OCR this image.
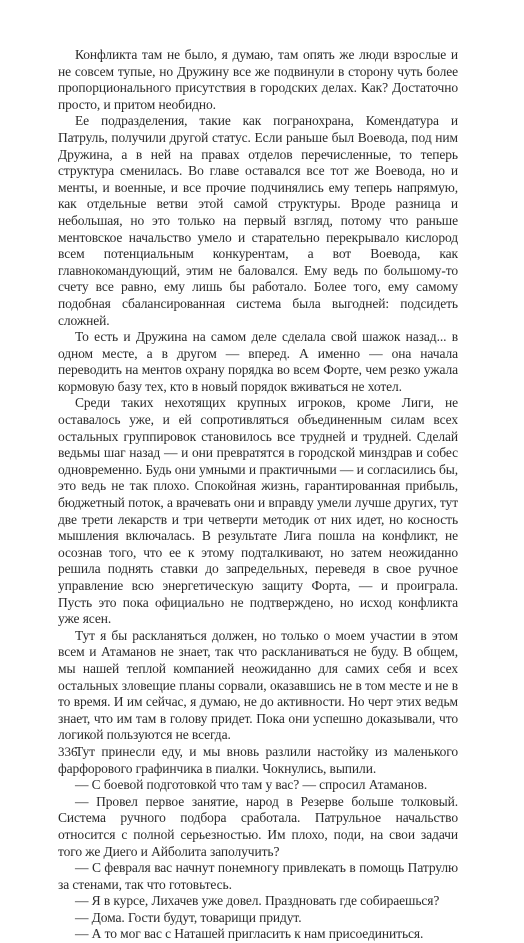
Конфликта там не было, я думаю, там опять же люди взрослые и не совсем тупые, но Дружину все же подвинули в сторону чуть более пропорционального присутствия в городских делах. Как? Достаточно просто, и притом необидно.

Ее подразделения, такие как погранохрана, Комендатура и Патруль, получили другой статус. Если раньше был Воевода, под ним Дружина, а в ней на правах отделов перечисленные, то теперь структура сменилась. Во главе оставался все тот же Воевода, но и менты, и военные, и все прочие подчинялись ему теперь напрямую, как отдельные ветви этой самой структуры. Вроде разница и небольшая, но это только на первый взгляд, потому что раньше ментовское начальство умело и старательно перекрывало кислород всем потенциальным конкурентам, а вот Воевода, как главнокомандующий, этим не баловался. Ему ведь по большому-то счету все равно, ему лишь бы работало. Более того, ему самому подобная сбалансированная система была выгодней: подсидеть сложней.

То есть и Дружина на самом деле сделала свой шажок назад... в одном месте, а в другом — вперед. А именно — она начала переводить на ментов охрану порядка во всем Форте, чем резко ужала кормовую базу тех, кто в новый порядок вживаться не хотел.

Среди таких нехотящих крупных игроков, кроме Лиги, не оставалось уже, и ей сопротивляться объединенным силам всех остальных группировок становилось все трудней и трудней. Сделай ведьмы шаг назад — и они превратятся в городской минздрав и собес одновременно. Будь они умными и практичными — и согласились бы, это ведь не так плохо. Спокойная жизнь, гарантированная прибыль, бюджетный поток, а врачевать они и вправду умели лучше других, тут две трети лекарств и три четверти методик от них идет, но косность мышления включалась. В результате Лига пошла на конфликт, не осознав того, что ее к этому подталкивают, но затем неожиданно решила поднять ставки до запредельных, переведя в свое ручное управление всю энергетическую защиту Форта, — и проиграла. Пусть это пока официально не подтверждено, но исход конфликта уже ясен.

Тут я бы раскланяться должен, но только о моем участии в этом всем и Атаманов не знает, так что раскланиваться не буду. В общем, мы нашей теплой компанией неожиданно для самих себя и всех остальных зловещие планы сорвали, оказавшись не в том месте и не в то время. И им сейчас, я думаю, не до активности. Но черт этих ведьм знает, что им там в голову придет. Пока они успешно доказывали, что логикой пользуются не всегда.

Тут принесли еду, и мы вновь разлили настойку из маленького фарфорового графинчика в пиалки. Чокнулись, выпили.

— С боевой подготовкой что там у вас? — спросил Атаманов.

— Провел первое занятие, народ в Резерве больше толковый. Система ручного подбора сработала. Патрульное начальство относится с полной серьезностью. Им плохо, поди, на свои задачи того же Диего и Айболита заполучить?

— С февраля вас начнут понемногу привлекать в помощь Патрулю за стенами, так что готовьтесь.

— Я в курсе, Лихачев уже довел. Праздновать где собираешься?

— Дома. Гости будут, товарищи придут.

— А то мог вас с Наташей пригласить к нам присоединиться.

336
